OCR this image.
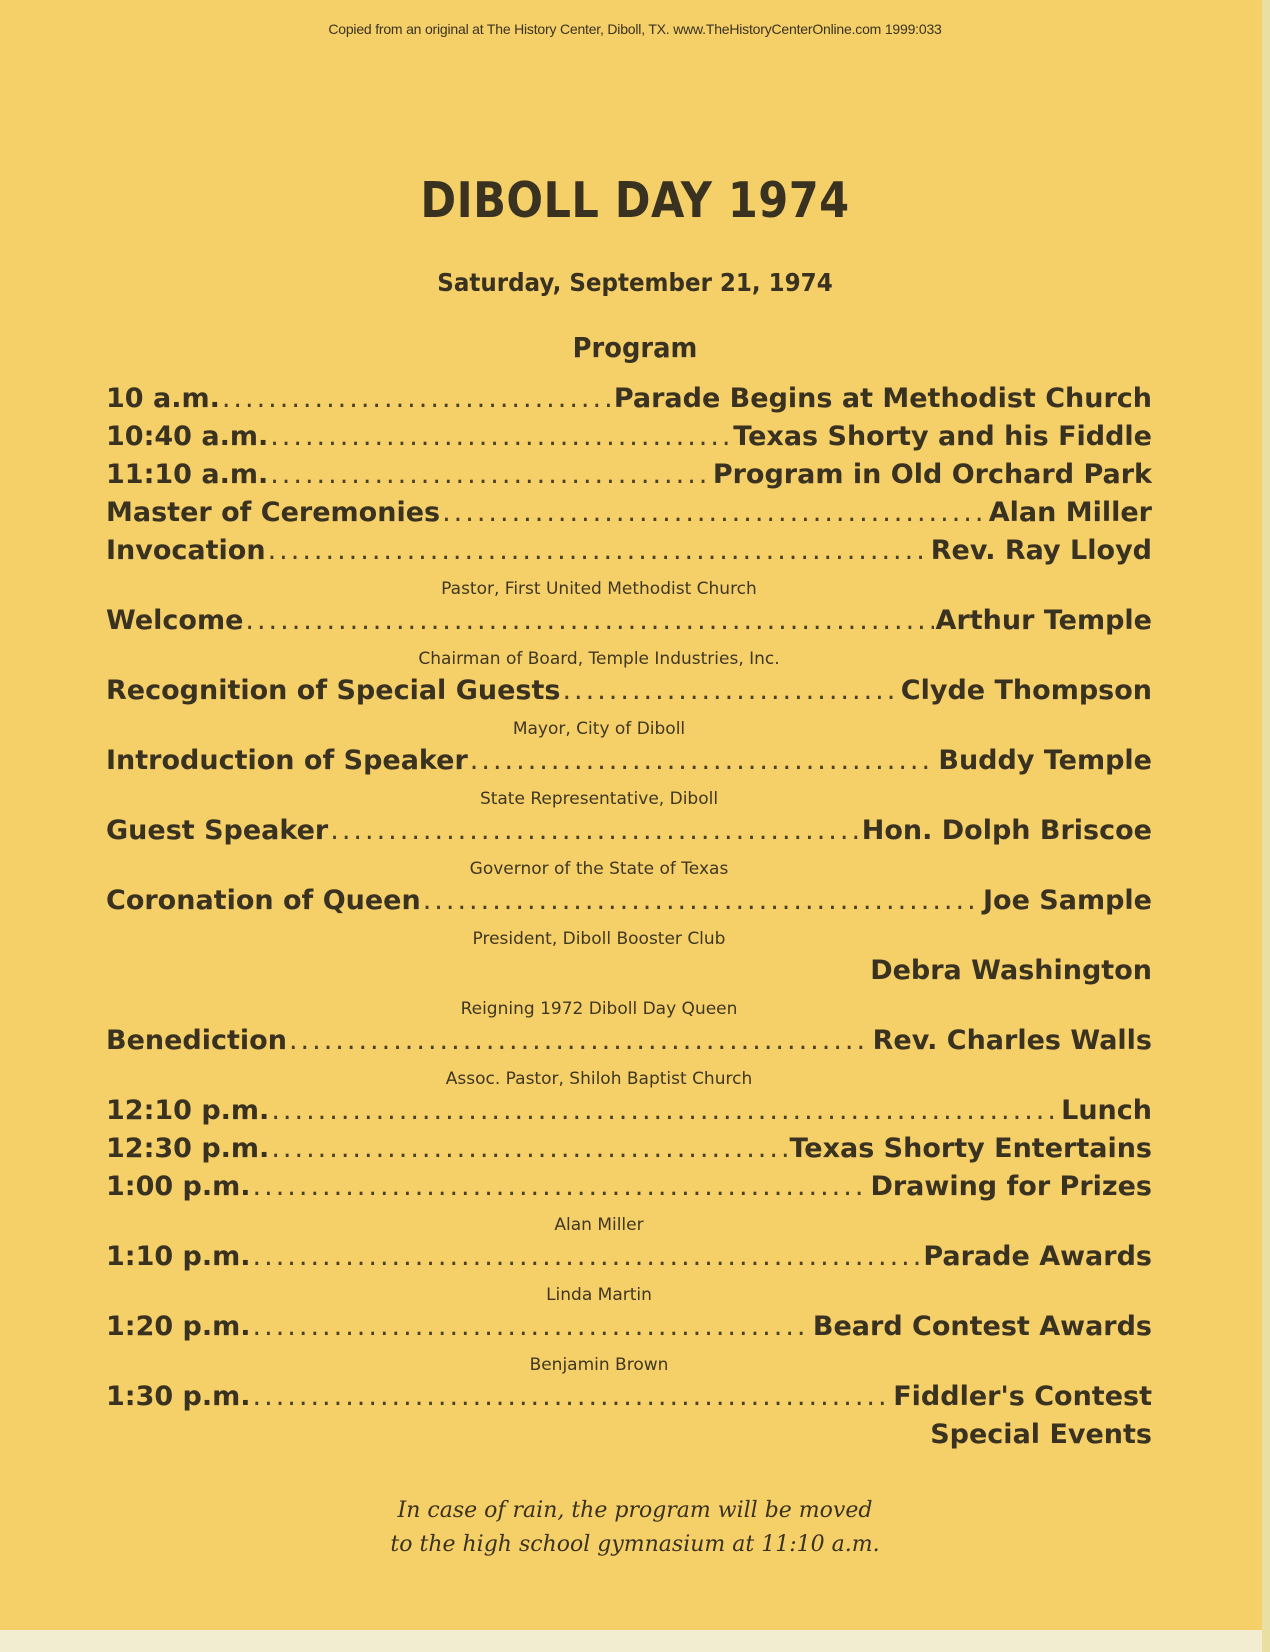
Copied from an original at The History Center, Diboll, TX. www.TheHistoryCenterOnline.com 1999:033
DIBOLL DAY 1974
Saturday, September 21, 1974
Program
10 a.m. .....	Parade Begins at Methodist Church
10:40 a.m. .....	Texas Shorty and his Fiddle
11:10 a.m. .....	Program in Old Orchard Park
Master of Ceremonies .....	Alan Miller
Invocation .....	Rev. Ray Lloyd
Pastor, First United Methodist Church
Welcome .....	Arthur Temple
Chairman of Board, Temple Industries, Inc.
Recognition of Special Guests .....	Clyde Thompson
Mayor, City of Diboll
Introduction of Speaker .....	Buddy Temple
State Representative, Diboll
Guest Speaker .....	Hon. Dolph Briscoe
Governor of the State of Texas
Coronation of Queen .....	Joe Sample
President, Diboll Booster Club
Debra Washington
Reigning 1972 Diboll Day Queen
Benediction .....	Rev. Charles Walls
Assoc. Pastor, Shiloh Baptist Church
12:10 p.m. .....	Lunch
12:30 p.m. .....	Texas Shorty Entertains
1:00 p.m. .....	Drawing for Prizes
Alan Miller
1:10 p.m. .....	Parade Awards
Linda Martin
1:20 p.m. .....	Beard Contest Awards
Benjamin Brown
1:30 p.m. .....	Fiddler's Contest
Special Events
In case of rain, the program will be moved
to the high school gymnasium at 11:10 a.m.
